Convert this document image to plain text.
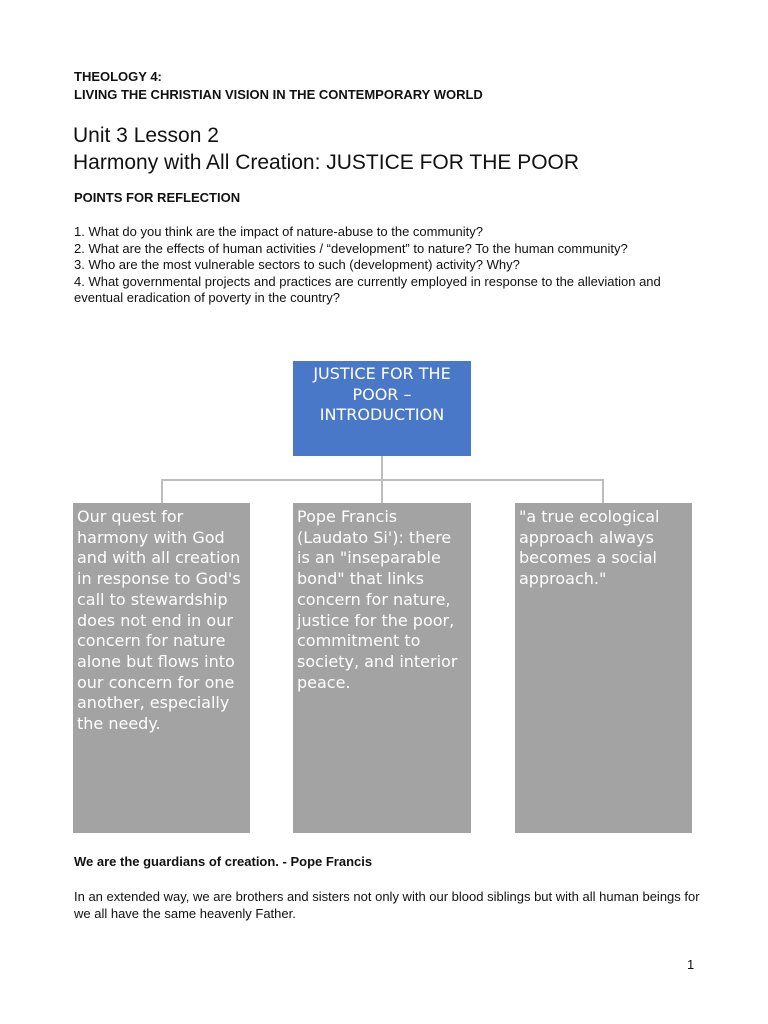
THEOLOGY 4:
LIVING THE CHRISTIAN VISION IN THE CONTEMPORARY WORLD
Unit 3 Lesson 2
Harmony with All Creation: JUSTICE FOR THE POOR
POINTS FOR REFLECTION
1. What do you think are the impact of nature-abuse to the community?
2. What are the effects of human activities / “development” to nature? To the human community?
3. Who are the most vulnerable sectors to such (development) activity? Why?
4. What governmental projects and practices are currently employed in response to the alleviation and eventual eradication of poverty in the country?
JUSTICE FOR THE POOR – INTRODUCTION
Our quest for harmony with God and with all creation in response to God's call to stewardship does not end in our concern for nature alone but flows into our concern for one another, especially the needy.
Pope Francis (Laudato Si'): there is an "inseparable bond" that links concern for nature, justice for the poor, commitment to society, and interior peace.
"a true ecological approach always becomes a social approach."
We are the guardians of creation. - Pope Francis
In an extended way, we are brothers and sisters not only with our blood siblings but with all human beings for we all have the same heavenly Father.
1
